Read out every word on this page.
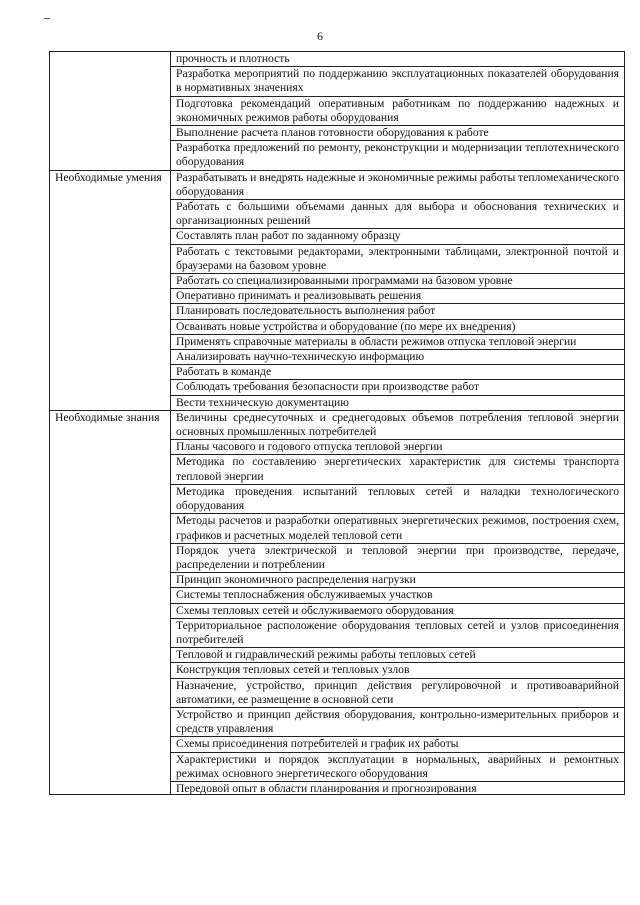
6
	прочность и плотность
	Разработка мероприятий по поддержанию эксплуатационных показателей оборудования в нормативных значениях
	Подготовка рекомендаций оперативным работникам по поддержанию надежных и экономичных режимов работы оборудования
	Выполнение расчета планов готовности оборудования к работе
	Разработка предложений по ремонту, реконструкции и модернизации теплотехнического оборудования
Необходимые умения	Разрабатывать и внедрять надежные и экономичные режимы работы тепломеханического оборудования
	Работать с большими объемами данных для выбора и обоснования технических и организационных решений
	Составлять план работ по заданному образцу
	Работать с текстовыми редакторами, электронными таблицами, электронной почтой и браузерами на базовом уровне
	Работать со специализированными программами на базовом уровне
	Оперативно принимать и реализовывать решения
	Планировать последовательность выполнения работ
	Осваивать новые устройства и оборудование (по мере их внедрения)
	Применять справочные материалы в области режимов отпуска тепловой энергии
	Анализировать научно-техническую информацию
	Работать в команде
	Соблюдать требования безопасности при производстве работ
	Вести техническую документацию
Необходимые знания	Величины среднесуточных и среднегодовых объемов потребления тепловой энергии основных промышленных потребителей
	Планы часового и годового отпуска тепловой энергии
	Методика по составлению энергетических характеристик для системы транспорта тепловой энергии
	Методика проведения испытаний тепловых сетей и наладки технологического оборудования
	Методы расчетов и разработки оперативных энергетических режимов, построения схем, графиков и расчетных моделей тепловой сети
	Порядок учета электрической и тепловой энергии при производстве, передаче, распределении и потреблении
	Принцип экономичного распределения нагрузки
	Системы теплоснабжения обслуживаемых участков
	Схемы тепловых сетей и обслуживаемого оборудования
	Территориальное расположение оборудования тепловых сетей и узлов присоединения потребителей
	Тепловой и гидравлический режимы работы тепловых сетей
	Конструкция тепловых сетей и тепловых узлов
	Назначение, устройство, принцип действия регулировочной и противоаварийной автоматики, ее размещение в основной сети
	Устройство и принцип действия оборудования, контрольно-измерительных приборов и средств управления
	Схемы присоединения потребителей и график их работы
	Характеристики и порядок эксплуатации в нормальных, аварийных и ремонтных режимах основного энергетического оборудования

	Передовой опыт в области планирования и прогнозирования
